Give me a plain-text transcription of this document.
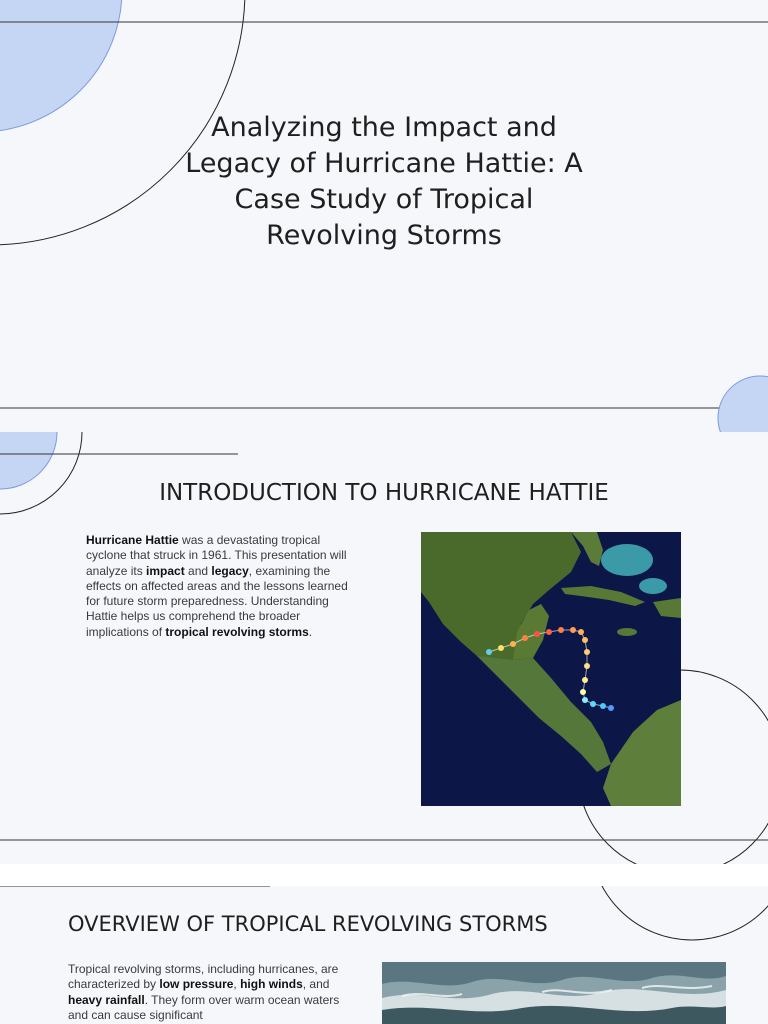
Analyzing the Impact and Legacy of Hurricane Hattie: A Case Study of Tropical Revolving Storms
INTRODUCTION TO HURRICANE HATTIE

Hurricane Hattie was a devastating tropical cyclone that struck in 1961. This presentation will analyze its impact and legacy, examining the effects on affected areas and the lessons learned for future storm preparedness. Understanding Hattie helps us comprehend the broader implications of tropical revolving storms.

OVERVIEW OF TROPICAL REVOLVING STORMS

Tropical revolving storms, including hurricanes, are characterized by low pressure, high winds, and heavy rainfall. They form over warm ocean waters and can cause significant
